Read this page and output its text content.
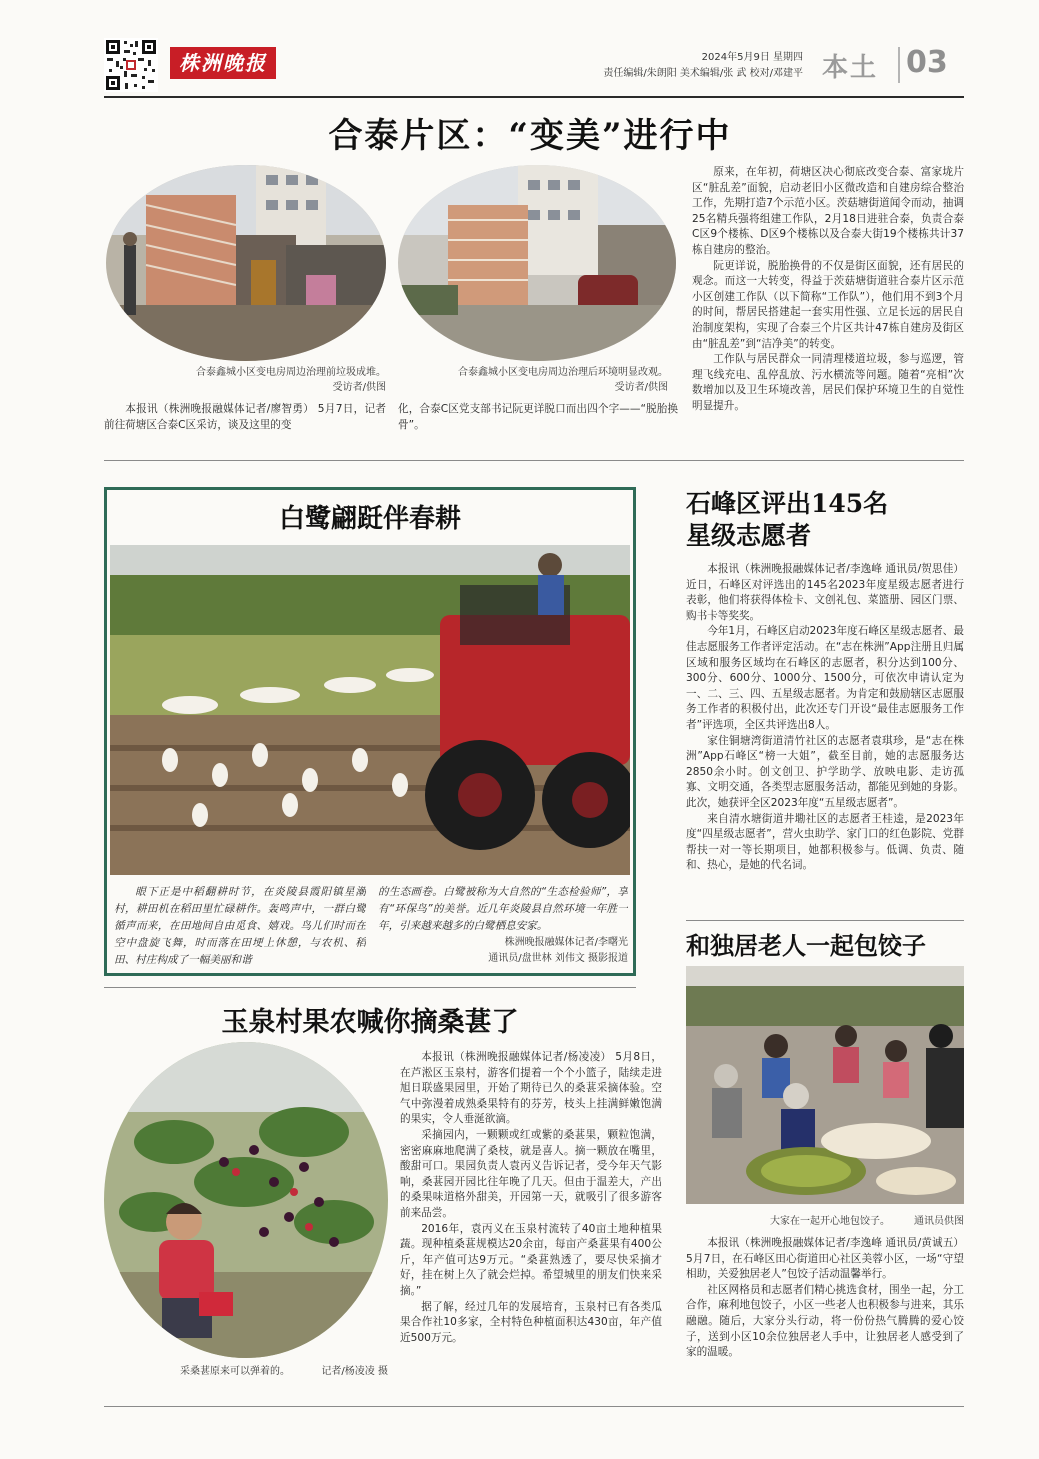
株洲晚报	2024年5月9日 星期四
责任编辑/朱朗阳 美术编辑/张 武 校对/邓建平 本土 03
合泰片区：“变美”进行中
合泰鑫城小区变电房周边治理前垃圾成堆。
受访者/供图
合泰鑫城小区变电房周边治理后环境明显改观。
受访者/供图

本报讯（株洲晚报融媒体记者/廖智勇） 5月7日，记者前往荷塘区合泰C区采访，谈及这里的变

化，合泰C区党支部书记阮更详脱口而出四个字——“脱胎换骨”。

原来，在年初，荷塘区决心彻底改变合泰、富家垅片区“脏乱差”面貌，启动老旧小区微改造和自建房综合整治工作，先期打造7个示范小区。茨菇塘街道闻令而动，抽调25名精兵强将组建工作队，2月18日进驻合泰，负责合泰C区9个楼栋、D区9个楼栋以及合泰大街19个楼栋共计37栋自建房的整治。

阮更详说，脱胎换骨的不仅是街区面貌，还有居民的观念。而这一大转变，得益于茨菇塘街道驻合泰片区示范小区创建工作队（以下简称“工作队”），他们用不到3个月的时间，帮居民搭建起一套实用性强、立足长远的居民自治制度架构，实现了合泰三个片区共计47栋自建房及街区由“脏乱差”到“洁净美”的转变。

工作队与居民群众一同清理楼道垃圾，参与巡逻，管理飞线充电、乱停乱放、污水横流等问题。随着“亮相”次数增加以及卫生环境改善，居民们保护环境卫生的自觉性明显提升。

白鹭翩跹伴春耕

眼下正是中稻翻耕时节，在炎陵县霞阳镇星潮村，耕田机在稻田里忙碌耕作。轰鸣声中，一群白鹭循声而来，在田地间自由觅食、嬉戏。鸟儿们时而在空中盘旋飞舞，时而落在田埂上休憩，与农机、稻田、村庄构成了一幅美丽和谐

的生态画卷。白鹭被称为大自然的“生态检验师”，享有“环保鸟”的美誉。近几年炎陵县自然环境一年胜一年，引来越来越多的白鹭栖息安家。

株洲晚报融媒体记者/李曙光
通讯员/盘世林 刘伟文 摄影报道
石峰区评出145名
星级志愿者

本报讯（株洲晚报融媒体记者/李逸峰 通讯员/贺思佳） 近日，石峰区对评选出的145名2023年度星级志愿者进行表彰，他们将获得体检卡、文创礼包、菜篮册、园区门票、购书卡等奖奖。

今年1月，石峰区启动2023年度石峰区星级志愿者、最佳志愿服务工作者评定活动。在“志在株洲”App注册且归属区域和服务区域均在石峰区的志愿者，积分达到100分、300分、600分、1000分、1500分，可依次申请认定为一、二、三、四、五星级志愿者。为肯定和鼓励辖区志愿服务工作者的积极付出，此次还专门开设“最佳志愿服务工作者”评选项，全区共评选出8人。

家住铜塘湾街道清竹社区的志愿者袁琪珍，是“志在株洲”App石峰区“榜一大姐”，截至目前，她的志愿服务达2850余小时。创文创卫、护学助学、放映电影、走访孤寡、文明交通，各类型志愿服务活动，都能见到她的身影。此次，她获评全区2023年度“五星级志愿者”。

来自清水塘街道井墈社区的志愿者王桂逵，是2023年度“四星级志愿者”，营火虫助学、家门口的红色影院、党群帮扶一对一等长期项目，她都积极参与。低调、负责、随和、热心，是她的代名词。

和独居老人一起包饺子
大家在一起开心地包饺子。	通讯员供图

本报讯（株洲晚报融媒体记者/李逸峰 通讯员/黄诚五） 5月7日，在石峰区田心街道田心社区美蓉小区，一场“守望相助，关爱独居老人”包饺子活动温馨举行。

社区网格员和志愿者们精心挑选食材，围坐一起，分工合作，麻利地包饺子，小区一些老人也积极参与进来，其乐融融。随后，大家分头行动，将一份份热气腾腾的爱心饺子，送到小区10余位独居老人手中，让独居老人感受到了家的温暖。

玉泉村果农喊你摘桑葚了
采桑葚原来可以弹着的。	记者/杨凌凌 摄

本报讯（株洲晚报融媒体记者/杨凌凌） 5月8日，在芦淞区玉泉村，游客们提着一个个小篮子，陆续走进旭日联盛果园里，开始了期待已久的桑葚采摘体验。空气中弥漫着成熟桑果特有的芬芳，枝头上挂满鲜嫩饱满的果实，令人垂涎欲滴。

采摘园内，一颗颗或红或紫的桑葚果，颗粒饱满，密密麻麻地爬满了桑枝，就是喜人。摘一颗放在嘴里，酸甜可口。果园负责人袁丙义告诉记者，受今年天气影响，桑葚园开园比往年晚了几天。但由于温差大，产出的桑果味道格外甜美，开园第一天，就吸引了很多游客前来品尝。

2016年，袁丙义在玉泉村流转了40亩土地种植果蔬。现种植桑葚规模达20余亩，每亩产桑葚果有400公斤，年产值可达9万元。“桑葚熟透了，要尽快采摘才好，挂在树上久了就会烂掉。希望城里的朋友们快来采摘。”

据了解，经过几年的发展培育，玉泉村已有各类瓜果合作社10多家，全村特色种植面积达430亩，年产值近500万元。
